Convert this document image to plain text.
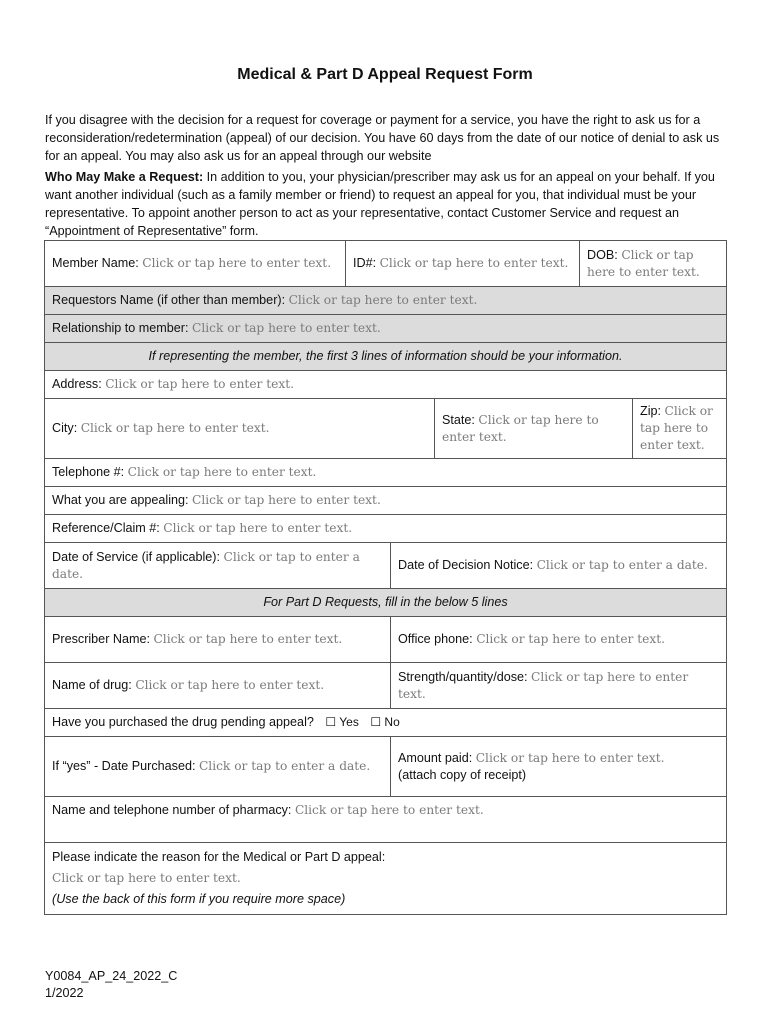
Medical & Part D Appeal Request Form
If you disagree with the decision for a request for coverage or payment for a service, you have the right to ask us for a reconsideration/redetermination (appeal) of our decision. You have 60 days from the date of our notice of denial to ask us for an appeal. You may also ask us for an appeal through our website
Who May Make a Request: In addition to you, your physician/prescriber may ask us for an appeal on your behalf. If you want another individual (such as a family member or friend) to request an appeal for you, that individual must be your representative. To appoint another person to act as your representative, contact Customer Service and request an “Appointment of Representative” form.
Member Name: Click or tap here to enter text.	ID#: Click or tap here to enter text.			DOB: Click or tap here to enter text.	
Requestors Name (if other than member): Click or tap here to enter text.					
Relationship to member: Click or tap here to enter text.					
If representing the member, the first 3 lines of information should be your information.					
Address: Click or tap here to enter text.					
City: Click or tap here to enter text.			State: Click or tap here to enter text.		Zip: Click or tap here to enter text.
Telephone #: Click or tap here to enter text.					
What you are appealing: Click or tap here to enter text.					
Reference/Claim #: Click or tap here to enter text.					
Date of Service (if applicable): Click or tap to enter a date.		Date of Decision Notice: Click or tap to enter a date.			
For Part D Requests, fill in the below 5 lines					
Prescriber Name: Click or tap here to enter text.		Office phone: Click or tap here to enter text.			
Name of drug: Click or tap here to enter text.		Strength/quantity/dose: Click or tap here to enter text.			
Have you purchased the drug pending appeal? ☐ Yes ☐ No					
If “yes” - Date Purchased: Click or tap to enter a date.		Amount paid: Click or tap here to enter text.
(attach copy of receipt)			
Name and telephone number of pharmacy: Click or tap here to enter text.					
Please indicate the reason for the Medical or Part D appeal:
Click or tap here to enter text.
(Use the back of this form if you require more space)					
Y0084_AP_24_2022_C
1/2022
